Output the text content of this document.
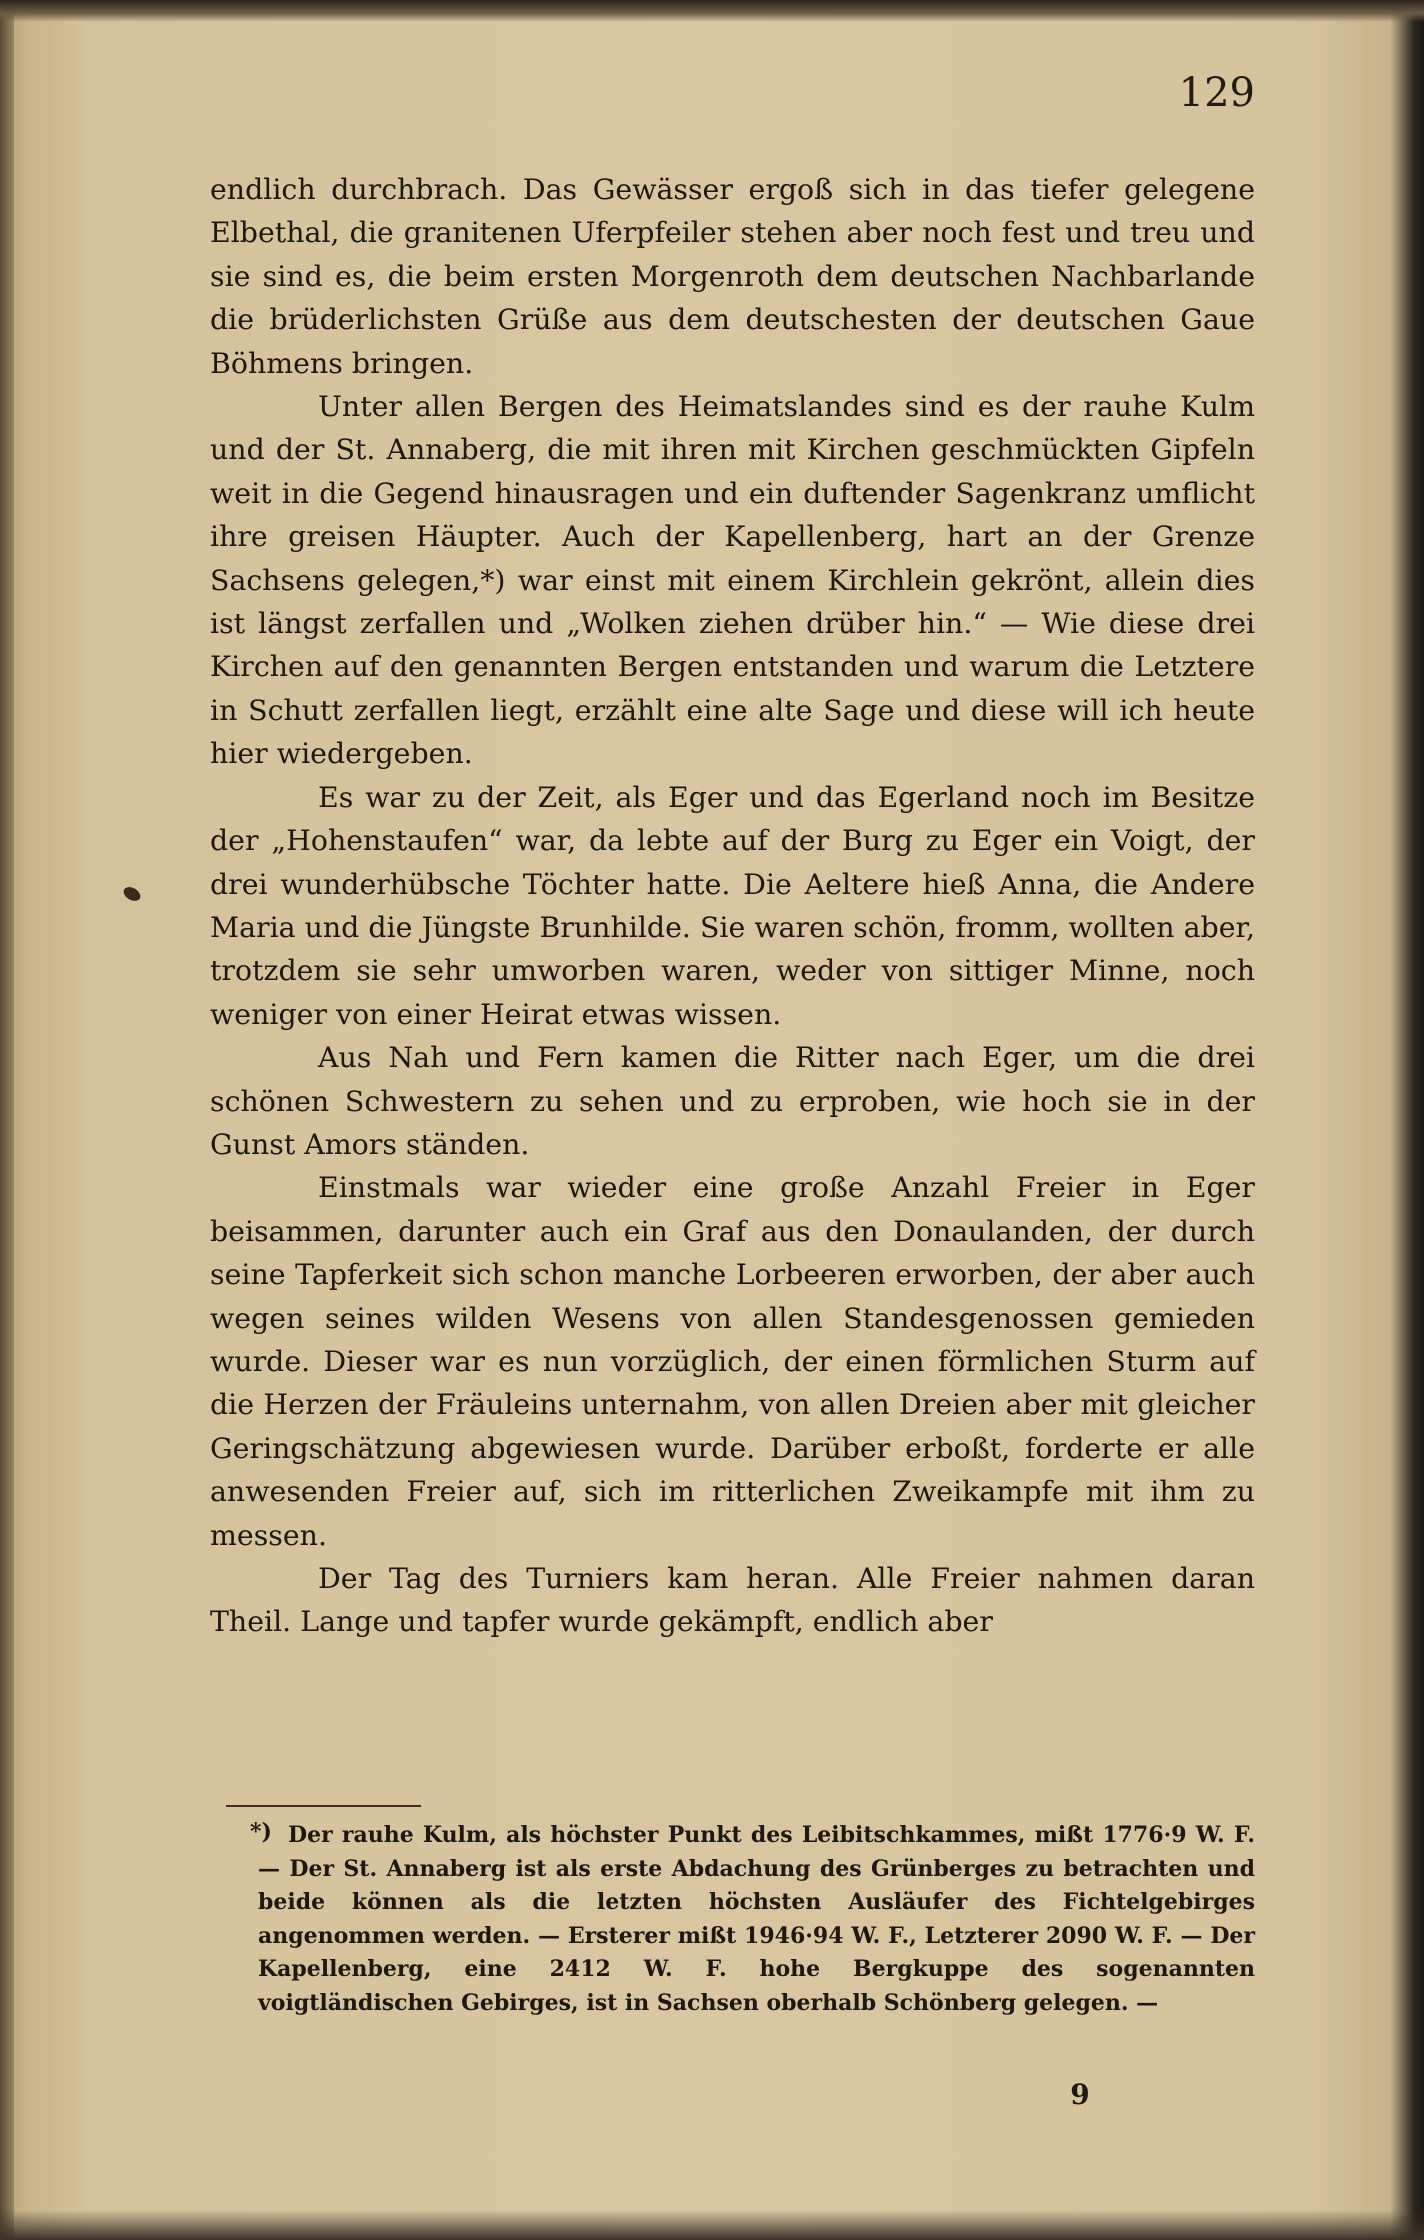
129

endlich durchbrach. Das Gewässer ergoß sich in das tiefer gelegene Elbethal, die granitenen Uferpfeiler stehen aber noch fest und treu und sie sind es, die beim ersten Morgenroth dem deutschen Nachbarlande die brüderlichsten Grüße aus dem deutschesten der deutschen Gaue Böhmens bringen.

Unter allen Bergen des Heimatslandes sind es der rauhe Kulm und der St. Annaberg, die mit ihren mit Kirchen geschmückten Gipfeln weit in die Gegend hinausragen und ein duftender Sagenkranz umflicht ihre greisen Häupter. Auch der Kapellenberg, hart an der Grenze Sachsens gelegen,*) war einst mit einem Kirchlein gekrönt, allein dies ist längst zerfallen und „Wolken ziehen drüber hin.“ — Wie diese drei Kirchen auf den genannten Bergen entstanden und warum die Letztere in Schutt zerfallen liegt, erzählt eine alte Sage und diese will ich heute hier wiedergeben.

Es war zu der Zeit, als Eger und das Egerland noch im Besitze der „Hohenstaufen“ war, da lebte auf der Burg zu Eger ein Voigt, der drei wunderhübsche Töchter hatte. Die Aeltere hieß Anna, die Andere Maria und die Jüngste Brunhilde. Sie waren schön, fromm, wollten aber, trotzdem sie sehr umworben waren, weder von sittiger Minne, noch weniger von einer Heirat etwas wissen.

Aus Nah und Fern kamen die Ritter nach Eger, um die drei schönen Schwestern zu sehen und zu erproben, wie hoch sie in der Gunst Amors ständen.

Einstmals war wieder eine große Anzahl Freier in Eger beisammen, darunter auch ein Graf aus den Donaulanden, der durch seine Tapferkeit sich schon manche Lorbeeren erworben, der aber auch wegen seines wilden Wesens von allen Standesgenossen gemieden wurde. Dieser war es nun vorzüglich, der einen förmlichen Sturm auf die Herzen der Fräuleins unternahm, von allen Dreien aber mit gleicher Geringschätzung abgewiesen wurde. Darüber erboßt, forderte er alle anwesenden Freier auf, sich im ritterlichen Zweikampfe mit ihm zu messen.

Der Tag des Turniers kam heran. Alle Freier nahmen daran Theil. Lange und tapfer wurde gekämpft, endlich aber

*) Der rauhe Kulm, als höchster Punkt des Leibitschkammes, mißt 1776·9 W. F. — Der St. Annaberg ist als erste Abdachung des Grünberges zu betrachten und beide können als die letzten höchsten Ausläufer des Fichtelgebirges angenommen werden. — Ersterer mißt 1946·94 W. F., Letzterer 2090 W. F. — Der Kapellenberg, eine 2412 W. F. hohe Bergkuppe des sogenannten voigtländischen Gebirges, ist in Sachsen oberhalb Schönberg gelegen. —
9
